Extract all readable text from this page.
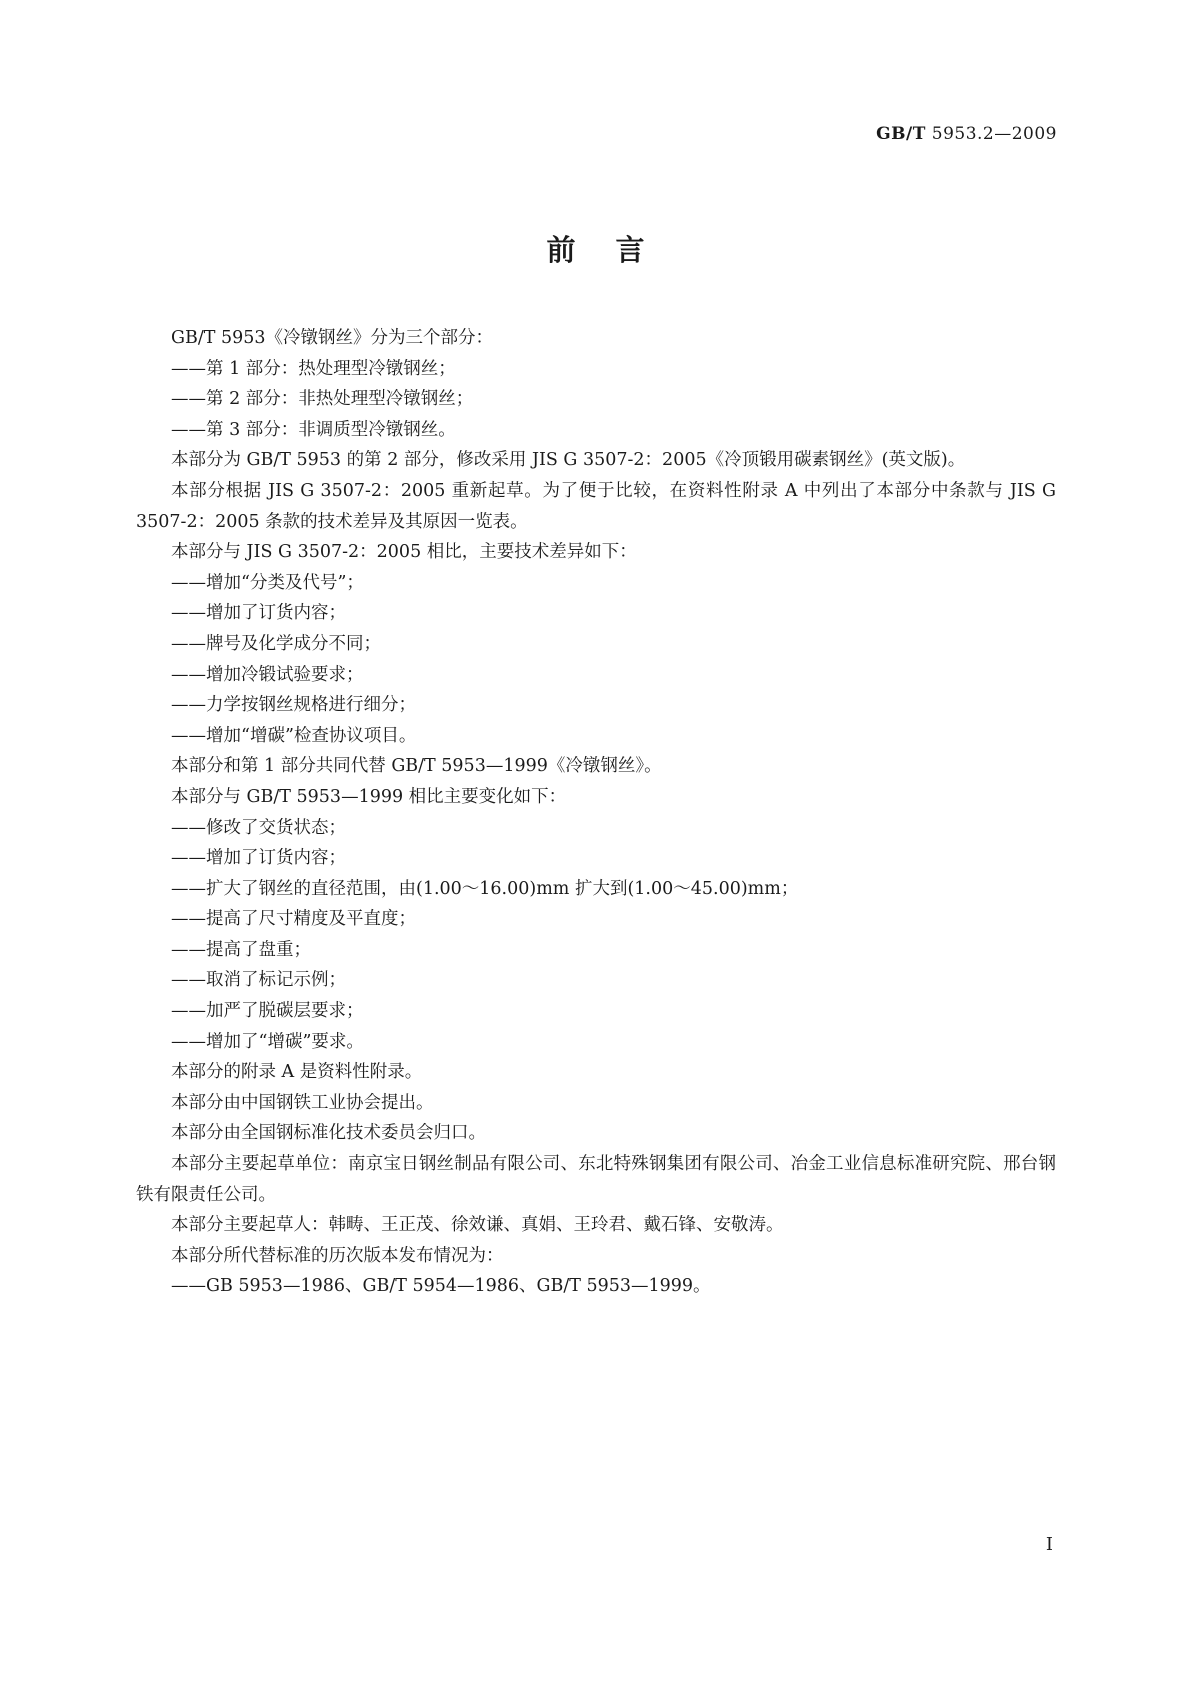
GB/T 5953.2—2009
前言

GB/T 5953《冷镦钢丝》分为三个部分：

——第 1 部分：热处理型冷镦钢丝；

——第 2 部分：非热处理型冷镦钢丝；

——第 3 部分：非调质型冷镦钢丝。

本部分为 GB/T 5953 的第 2 部分，修改采用 JIS G 3507-2：2005《冷顶锻用碳素钢丝》(英文版)。

本部分根据 JIS G 3507-2：2005 重新起草。为了便于比较，在资料性附录 A 中列出了本部分中条款与 JIS G 3507-2：2005 条款的技术差异及其原因一览表。

本部分与 JIS G 3507-2：2005 相比，主要技术差异如下：

——增加“分类及代号”；

——增加了订货内容；

——牌号及化学成分不同；

——增加冷锻试验要求；

——力学按钢丝规格进行细分；

——增加“增碳”检查协议项目。

本部分和第 1 部分共同代替 GB/T 5953—1999《冷镦钢丝》。

本部分与 GB/T 5953—1999 相比主要变化如下：

——修改了交货状态；

——增加了订货内容；

——扩大了钢丝的直径范围，由(1.00～16.00)mm 扩大到(1.00～45.00)mm；

——提高了尺寸精度及平直度；

——提高了盘重；

——取消了标记示例；

——加严了脱碳层要求；

——增加了“增碳”要求。

本部分的附录 A 是资料性附录。

本部分由中国钢铁工业协会提出。

本部分由全国钢标准化技术委员会归口。

本部分主要起草单位：南京宝日钢丝制品有限公司、东北特殊钢集团有限公司、冶金工业信息标准研究院、邢台钢铁有限责任公司。

本部分主要起草人：韩畴、王正茂、徐效谦、真娟、王玲君、戴石锋、安敬涛。

本部分所代替标准的历次版本发布情况为：

——GB 5953—1986、GB/T 5954—1986、GB/T 5953—1999。

I
